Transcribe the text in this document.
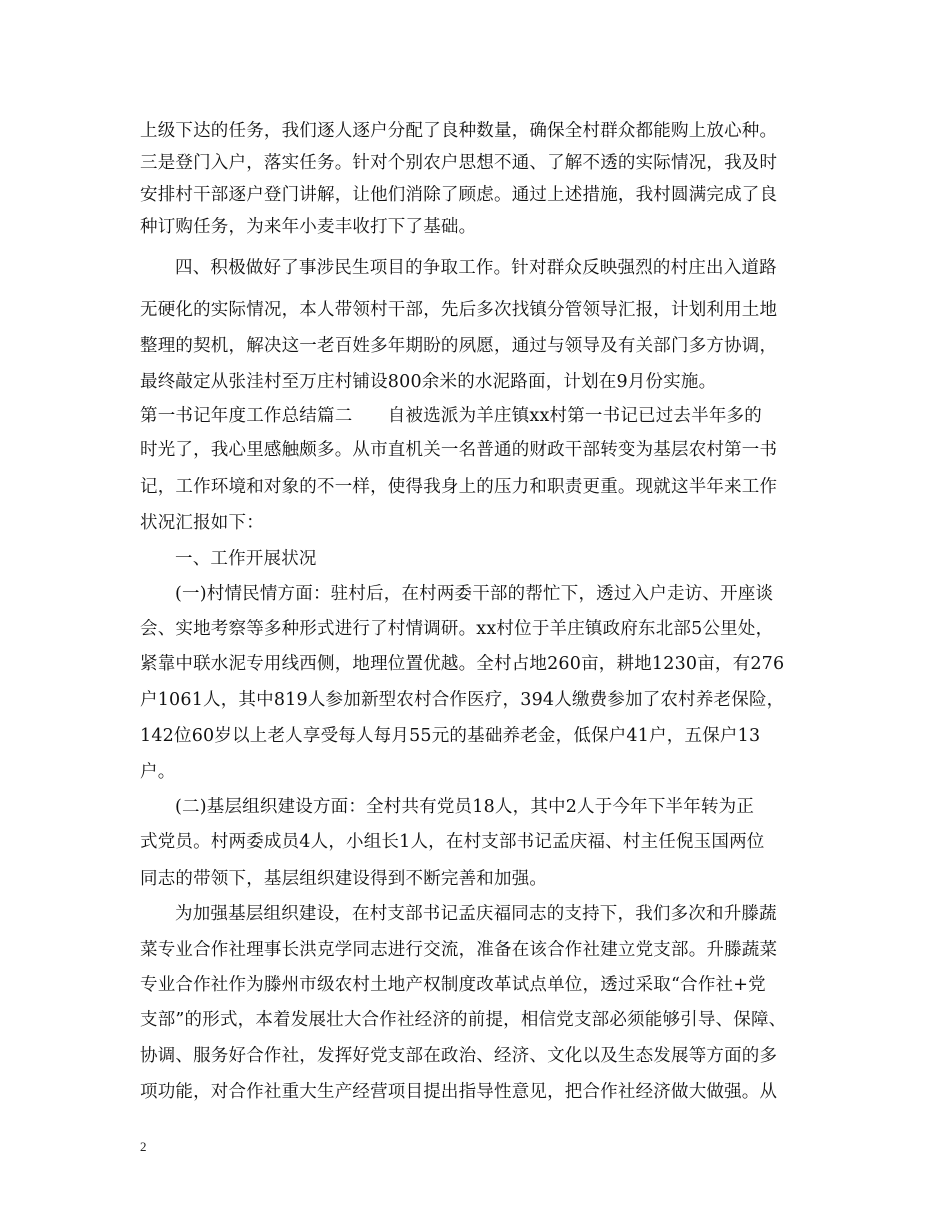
上级下达的任务，我们逐人逐户分配了良种数量，确保全村群众都能购上放心种。
三是登门入户，落实任务。针对个别农户思想不通、了解不透的实际情况，我及时
安排村干部逐户登门讲解，让他们消除了顾虑。通过上述措施，我村圆满完成了良
种订购任务，为来年小麦丰收打下了基础。
四、积极做好了事涉民生项目的争取工作。针对群众反映强烈的村庄出入道路
无硬化的实际情况，本人带领村干部，先后多次找镇分管领导汇报，计划利用土地
整理的契机，解决这一老百姓多年期盼的夙愿，通过与领导及有关部门多方协调，
最终敲定从张洼村至万庄村铺设800余米的水泥路面，计划在9月份实施。
第一书记年度工作总结篇二　　自被选派为羊庄镇xx村第一书记已过去半年多的
时光了，我心里感触颇多。从市直机关一名普通的财政干部转变为基层农村第一书
记，工作环境和对象的不一样，使得我身上的压力和职责更重。现就这半年来工作
状况汇报如下：
一、工作开展状况
(一)村情民情方面：驻村后，在村两委干部的帮忙下，透过入户走访、开座谈
会、实地考察等多种形式进行了村情调研。xx村位于羊庄镇政府东北部5公里处，
紧靠中联水泥专用线西侧，地理位置优越。全村占地260亩，耕地1230亩，有276
户1061人，其中819人参加新型农村合作医疗，394人缴费参加了农村养老保险，
142位60岁以上老人享受每人每月55元的基础养老金，低保户41户，五保户13
户。
(二)基层组织建设方面：全村共有党员18人，其中2人于今年下半年转为正
式党员。村两委成员4人，小组长1人，在村支部书记孟庆福、村主任倪玉国两位
同志的带领下，基层组织建设得到不断完善和加强。
为加强基层组织建设，在村支部书记孟庆福同志的支持下，我们多次和升滕蔬
菜专业合作社理事长洪克学同志进行交流，准备在该合作社建立党支部。升滕蔬菜
专业合作社作为滕州市级农村土地产权制度改革试点单位，透过采取“合作社+党
支部”的形式，本着发展壮大合作社经济的前提，相信党支部必须能够引导、保障、
协调、服务好合作社，发挥好党支部在政治、经济、文化以及生态发展等方面的多
项功能，对合作社重大生产经营项目提出指导性意见，把合作社经济做大做强。从
2
